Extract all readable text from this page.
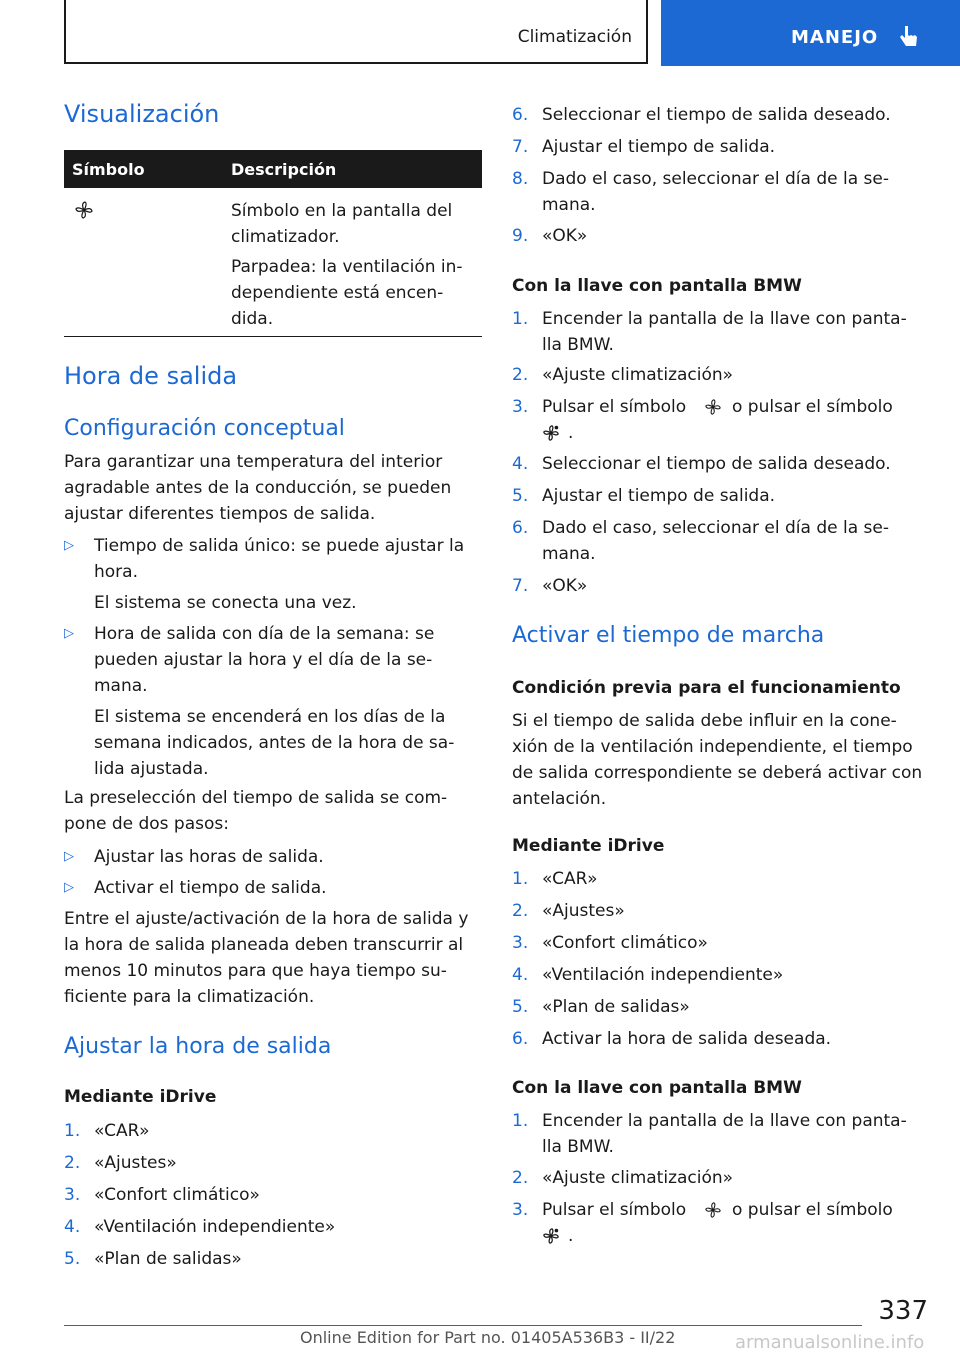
Climatización	MANEJO
Visualización
Símbolo	Descripción
Símbolo en la pantalla del climatizador.
Parpadea: la ventilación in‐dependiente está encen‐dida.
Hora de salida
Configuración conceptual
Para garantizar una temperatura del interior agradable antes de la conducción, se pueden ajustar diferentes tiempos de salida.
▷ Tiempo de salida único: se puede ajustar la hora.
El sistema se conecta una vez.
▷ Hora de salida con día de la semana: se pueden ajustar la hora y el día de la se‐mana.
El sistema se encenderá en los días de la semana indicados, antes de la hora de sa‐lida ajustada.
La preselección del tiempo de salida se com‐pone de dos pasos:
▷ Ajustar las horas de salida.
▷ Activar el tiempo de salida.
Entre el ajuste/activación de la hora de salida y la hora de salida planeada deben transcurrir al menos 10 minutos para que haya tiempo su‐ficiente para la climatización.
Ajustar la hora de salida
Mediante iDrive
1. «CAR»
2. «Ajustes»
3. «Confort climático»
4. «Ventilación independiente»
5. «Plan de salidas»
6. Seleccionar el tiempo de salida deseado.
7. Ajustar el tiempo de salida.
8. Dado el caso, seleccionar el día de la se‐mana.
9. «OK»
Con la llave con pantalla BMW
1. Encender la pantalla de la llave con panta‐lla BMW.
2. «Ajuste climatización»
3. Pulsar el símbolo	o pulsar el símbolo
.
4. Seleccionar el tiempo de salida deseado.
5. Ajustar el tiempo de salida.
6. Dado el caso, seleccionar el día de la se‐mana.
7. «OK»
Activar el tiempo de marcha
Condición previa para el funcionamiento
Si el tiempo de salida debe influir en la cone‐xión de la ventilación independiente, el tiempo de salida correspondiente se deberá activar con antelación.
Mediante iDrive
1. «CAR»
2. «Ajustes»
3. «Confort climático»
4. «Ventilación independiente»
5. «Plan de salidas»
6. Activar la hora de salida deseada.
Con la llave con pantalla BMW
1. Encender la pantalla de la llave con panta‐lla BMW.
2. «Ajuste climatización»
3. Pulsar el símbolo	o pulsar el símbolo
.
337
Online Edition for Part no. 01405A536B3 - II/22	armanualsonline.info
